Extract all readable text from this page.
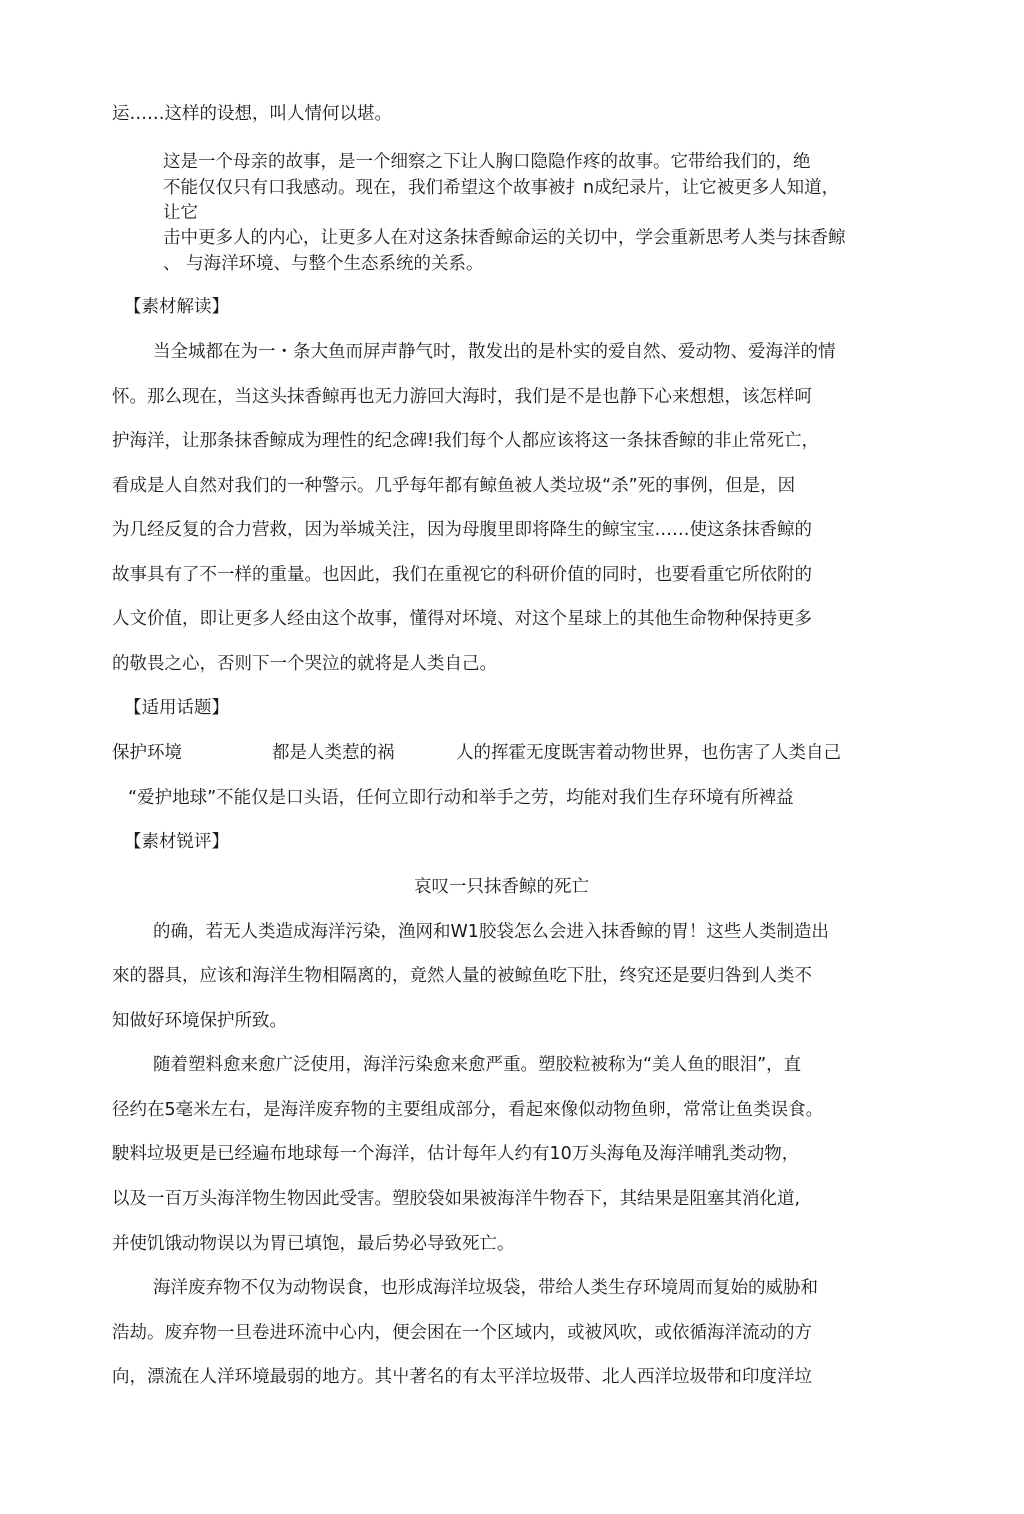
运……这样的设想，叫人情何以堪。
这是一个母亲的故事，是一个细察之下让人胸口隐隐作疼的故事。它带给我们的，绝
不能仅仅只有口我感动。现在，我们希望这个故事被扌n成纪录片，让它被更多人知道，
让它
击中更多人的内心，让更多人在对这条抹香鲸命运的关切中，学会重新思考人类与抹香鲸
、 与海洋环境、与整个生态系统的关系。
【素材解读】
当全城都在为一・条大鱼而屏声静气时，散发出的是朴实的爱自然、爱动物、爱海洋的情
怀。那么现在，当这头抹香鲸再也无力游回大海时，我们是不是也静下心来想想，该怎样呵
护海洋，让那条抹香鲸成为理性的纪念碑!我们每个人都应该将这一条抹香鲸的非止常死亡，
看成是人自然对我们的一种警示。几乎每年都有鲸鱼被人类垃圾“杀”死的事例，但是，因
为几经反复的合力营救，因为举城关注，因为母腹里即将降生的鲸宝宝……使这条抹香鲸的
故事具有了不一样的重量。也因此，我们在重视它的科研价值的同时，也要看重它所依附的
人文价值，即让更多人经由这个故事，懂得对坏境、对这个星球上的其他生命物种保持更多
的敬畏之心，否则下一个哭泣的就将是人类自己。
【适用话题】
保护环境	都是人类惹的祸	人的挥霍无度既害着动物世界，也伤害了人类自己
“爱护地球”不能仅是口头语，任何立即行动和举手之劳，均能对我们生存环境有所裨益
【素材锐评】
哀叹一只抹香鲸的死亡
的确，若无人类造成海洋污染，渔网和W1胶袋怎么会进入抹香鲸的胃！这些人类制造出
來的器具，应该和海洋生物相隔离的，竟然人量的被鲸鱼吃下肚，终究还是要归咎到人类不
知做好环境保护所致。
随着塑料愈来愈广泛使用，海洋污染愈来愈严重。塑胶粒被称为“美人鱼的眼泪”，直
径约在5毫米左右，是海洋废弃物的主要组成部分，看起來像似动物鱼卵，常常让鱼类误食。
駛料垃圾更是已经遍布地球每一个海洋，估计每年人约有10万头海龟及海洋哺乳类动物，
以及一百万头海洋物生物因此受害。塑胶袋如果被海洋牛物吞下，其结果是阻塞其消化道,
并使饥饿动物误以为胃已填饱，最后势必导致死亡。
海洋废弃物不仅为动物误食，也形成海洋垃圾袋，带给人类生存环境周而复始的威胁和
浩劫。废弃物一旦卷进环流中心内，便会困在一个区域内，或被风吹，或依循海洋流动的方
向，漂流在人洋环境最弱的地方。其屮著名的有太平洋垃圾带、北人西洋垃圾带和印度洋垃
